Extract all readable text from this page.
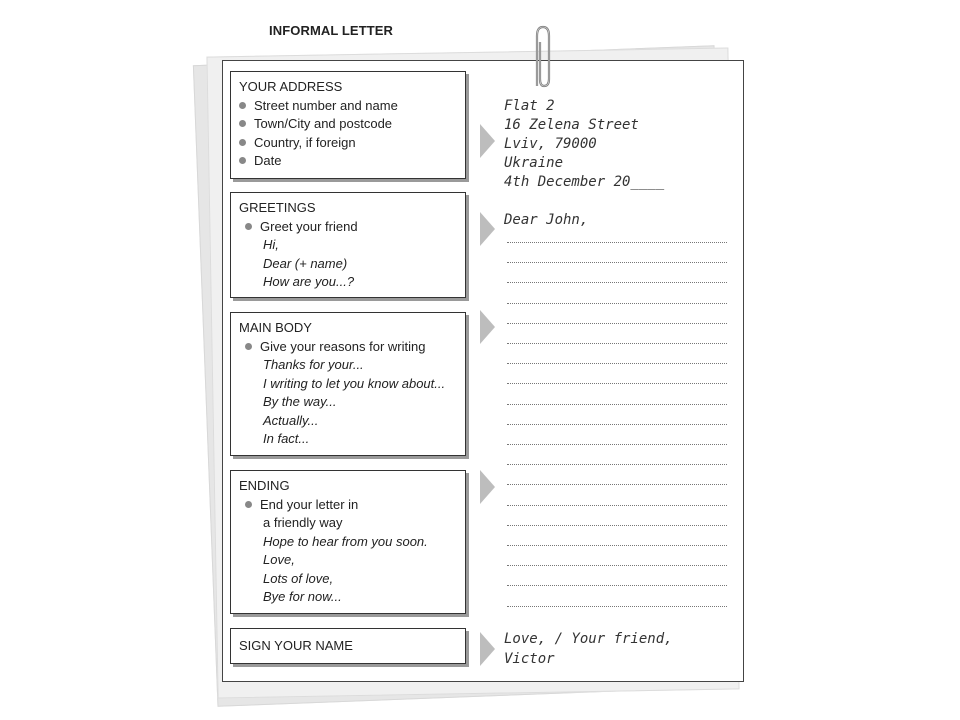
INFORMAL LETTER
YOUR ADDRESS
Street number and name
Town/City and postcode
Country, if foreign
Date
GREETINGS
Greet your friend
Hi,
Dear (+ name)
How are you...?
MAIN BODY
Give your reasons for writing
Thanks for your...
I writing to let you know about...
By the way...
Actually...
In fact...
ENDING
End your letter in
a friendly way
Hope to hear from you soon.
Love,
Lots of love,
Bye for now...
SIGN YOUR NAME
Flat 2
16 Zelena Street
Lviv, 79000
Ukraine
4th December 20____
Dear John,
Love, / Your friend,
Victor
